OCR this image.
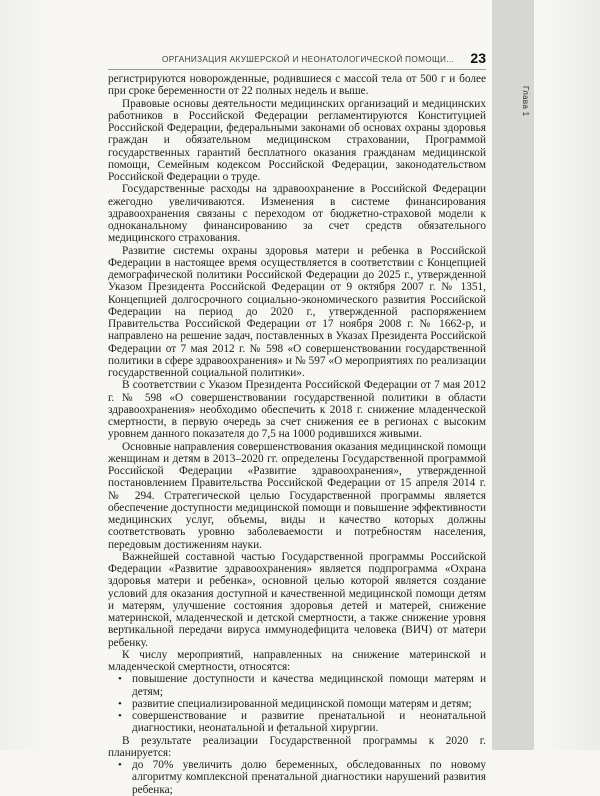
Глава 1
ОРГАНИЗАЦИЯ АКУШЕРСКОЙ И НЕОНАТОЛОГИЧЕСКОЙ ПОМОЩИ... 23

регистрируются новорожденные, родившиеся с массой тела от 500 г и более при сроке беременности от 22 полных недель и выше.

Правовые основы деятельности медицинских организаций и медицинских работников в Российской Федерации регламентируются Конституцией Российской Федерации, федеральными законами об основах охраны здоровья граждан и обязательном медицинском страховании, Программой государственных гарантий бесплатного оказания гражданам медицинской помощи, Семейным кодексом Российской Федерации, законодательством Российской Федерации о труде.

Государственные расходы на здравоохранение в Российской Федерации ежегодно увеличиваются. Изменения в системе финансирования здравоохранения связаны с переходом от бюджетно-страховой модели к одноканальному финансированию за счет средств обязательного медицинского страхования.

Развитие системы охраны здоровья матери и ребенка в Российской Федерации в настоящее время осуществляется в соответствии с Концепцией демографической политики Российской Федерации до 2025 г., утвержденной Указом Президента Российской Федерации от 9 октября 2007 г. № 1351, Концепцией долгосрочного социально-экономического развития Российской Федерации на период до 2020 г., утвержденной распоряжением Правительства Российской Федерации от 17 ноября 2008 г. № 1662-р, и направлено на решение задач, поставленных в Указах Президента Российской Федерации от 7 мая 2012 г. № 598 «О совершенствовании государственной политики в сфере здравоохранения» и № 597 «О мероприятиях по реализации государственной социальной политики».

В соответствии с Указом Президента Российской Федерации от 7 мая 2012 г. № 598 «О совершенствовании государственной политики в области здравоохранения» необходимо обеспечить к 2018 г. снижение младенческой смертности, в первую очередь за счет снижения ее в регионах с высоким уровнем данного показателя до 7,5 на 1000 родившихся живыми.

Основные направления совершенствования оказания медицинской помощи женщинам и детям в 2013–2020 гг. определены Государственной программой Российской Федерации «Развитие здравоохранения», утвержденной постановлением Правительства Российской Федерации от 15 апреля 2014 г. № 294. Стратегической целью Государственной программы является обеспечение доступности медицинской помощи и повышение эффективности медицинских услуг, объемы, виды и качество которых должны соответствовать уровню заболеваемости и потребностям населения, передовым достижениям науки.

Важнейшей составной частью Государственной программы Российской Федерации «Развитие здравоохранения» является подпрограмма «Охрана здоровья матери и ребенка», основной целью которой является создание условий для оказания доступной и качественной медицинской помощи детям и матерям, улучшение состояния здоровья детей и матерей, снижение материнской, младенческой и детской смертности, а также снижение уровня вертикальной передачи вируса иммунодефицита человека (ВИЧ) от матери ребенку.

К числу мероприятий, направленных на снижение материнской и младенческой смертности, относятся:

• повышение доступности и качества медицинской помощи матерям и детям;
• развитие специализированной медицинской помощи матерям и детям;
• совершенствование и развитие пренатальной и неонатальной диагностики, неонатальной и фетальной хирургии.

В результате реализации Государственной программы к 2020 г. планируется:

• до 70% увеличить долю беременных, обследованных по новому алгоритму комплексной пренатальной диагностики нарушений развития ребенка;
